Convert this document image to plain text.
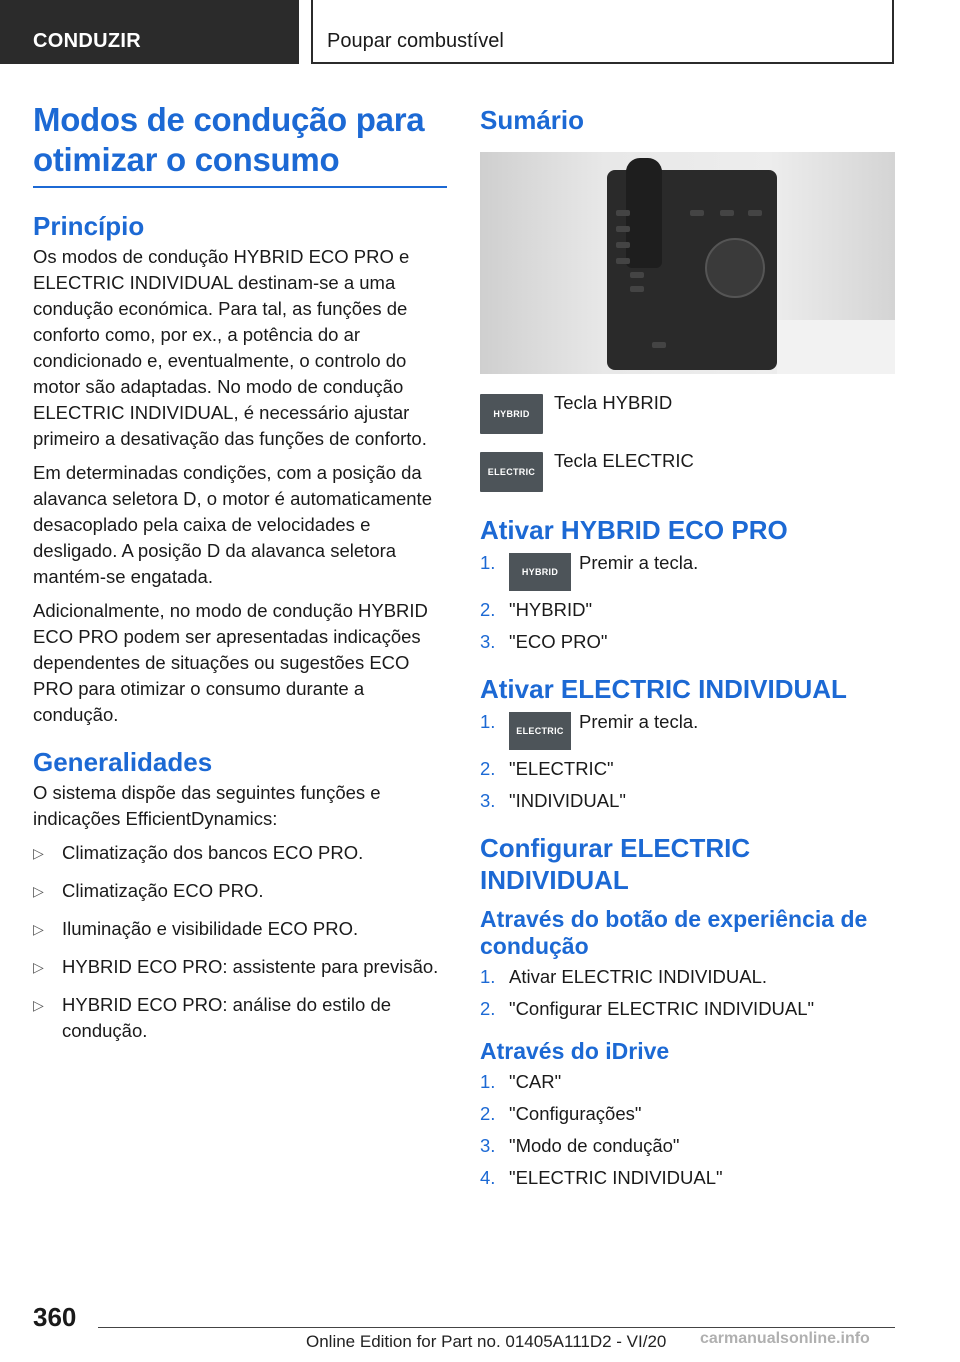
CONDUZIR	Poupar combustível
Modos de condução para otimizar o consumo
Princípio

Os modos de condução HYBRID ECO PRO e ELECTRIC INDIVIDUAL destinam-se a uma condução económica. Para tal, as funções de conforto como, por ex., a potência do ar condicionado e, eventualmente, o controlo do motor são adaptadas. No modo de condução ELECTRIC INDIVIDUAL, é necessário ajustar primeiro a desativação das funções de conforto.

Em determinadas condições, com a posição da alavanca seletora D, o motor é automaticamente desacoplado pela caixa de velocidades e desligado. A posição D da alavanca seletora mantém-se engatada.

Adicionalmente, no modo de condução HYBRID ECO PRO podem ser apresentadas indicações dependentes de situações ou sugestões ECO PRO para otimizar o consumo durante a condução.

Generalidades

O sistema dispõe das seguintes funções e indicações EfficientDynamics:

▷ Climatização dos bancos ECO PRO.
▷ Climatização ECO PRO.
▷ Iluminação e visibilidade ECO PRO.
▷ HYBRID ECO PRO: assistente para previsão.
▷ HYBRID ECO PRO: análise do estilo de condução.
Sumário
HYBRID
Tecla HYBRID
ELECTRIC
Tecla ELECTRIC
Ativar HYBRID ECO PRO
1.	HYBRID Premir a tecla.
2. "HYBRID"
3. "ECO PRO"
Ativar ELECTRIC INDIVIDUAL
1. ELECTRIC Premir a tecla.
2. "ELECTRIC"
3. "INDIVIDUAL"
Configurar ELECTRIC INDIVIDUAL
Através do botão de experiência de condução
1. Ativar ELECTRIC INDIVIDUAL.
2. "Configurar ELECTRIC INDIVIDUAL"
Através do iDrive
1. "CAR"
2. "Configurações"
3. "Modo de condução"
4. "ELECTRIC INDIVIDUAL"
360
Online Edition for Part no. 01405A111D2 - VI/20 carmanualsonline.info
